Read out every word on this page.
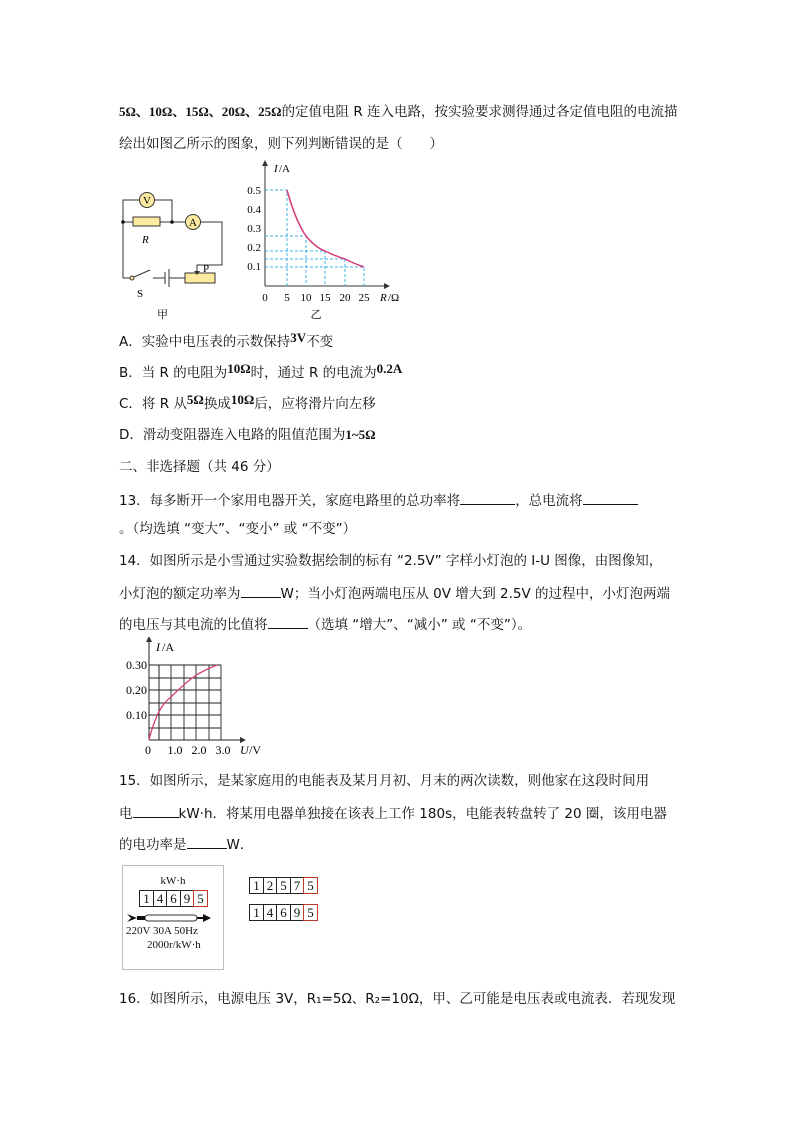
5Ω、10Ω、15Ω、20Ω、25Ω的定值电阻 R 连入电路，按实验要求测得通过各定值电阻的电流描
绘出如图乙所示的图象，则下列判断错误的是（　　）
V
A
R
S
P
甲
I /A
0.5
0.4
0.3
0.2
0.1
0 5 10 15 20 25 R /Ω
乙
A．实验中电压表的示数保持3V不变
B．当 R 的电阻为10Ω时，通过 R 的电流为0.2A
C．将 R 从5Ω换成10Ω后，应将滑片向左移
D．滑动变阻器连入电路的阻值范围为1~5Ω
二、非选择题（共 46 分）
13．每多断开一个家用电器开关，家庭电路里的总功率将	，总电流将
。（均选填 “变大”、“变小” 或 “不变”）
14．如图所示是小雪通过实验数据绘制的标有 “2.5V” 字样小灯泡的 I-U 图像，由图像知，
小灯泡的额定功率为	W；当小灯泡两端电压从 0V 增大到 2.5V 的过程中，小灯泡两端
的电压与其电流的比值将	（选填 “增大”、“减小” 或 “不变”）。
I /A
0.30
0.20
0.10
0 1.0 2.0 3.0 U /V
15．如图所示，是某家庭用的电能表及某月月初、月末的两次读数，则他家在这段时间用
电	kW·h．将某用电器单独接在该表上工作 180s，电能表转盘转了 20 圈，该用电器
的电功率是	W．
kW·h
1 4 6 9 5
220V 30A 50Hz
2000r/kW·h
1 2 5 7 5
1 4 6 9 5
16．如图所示，电源电压 3V，R₁=5Ω、R₂=10Ω，甲、乙可能是电压表或电流表．若现发现
